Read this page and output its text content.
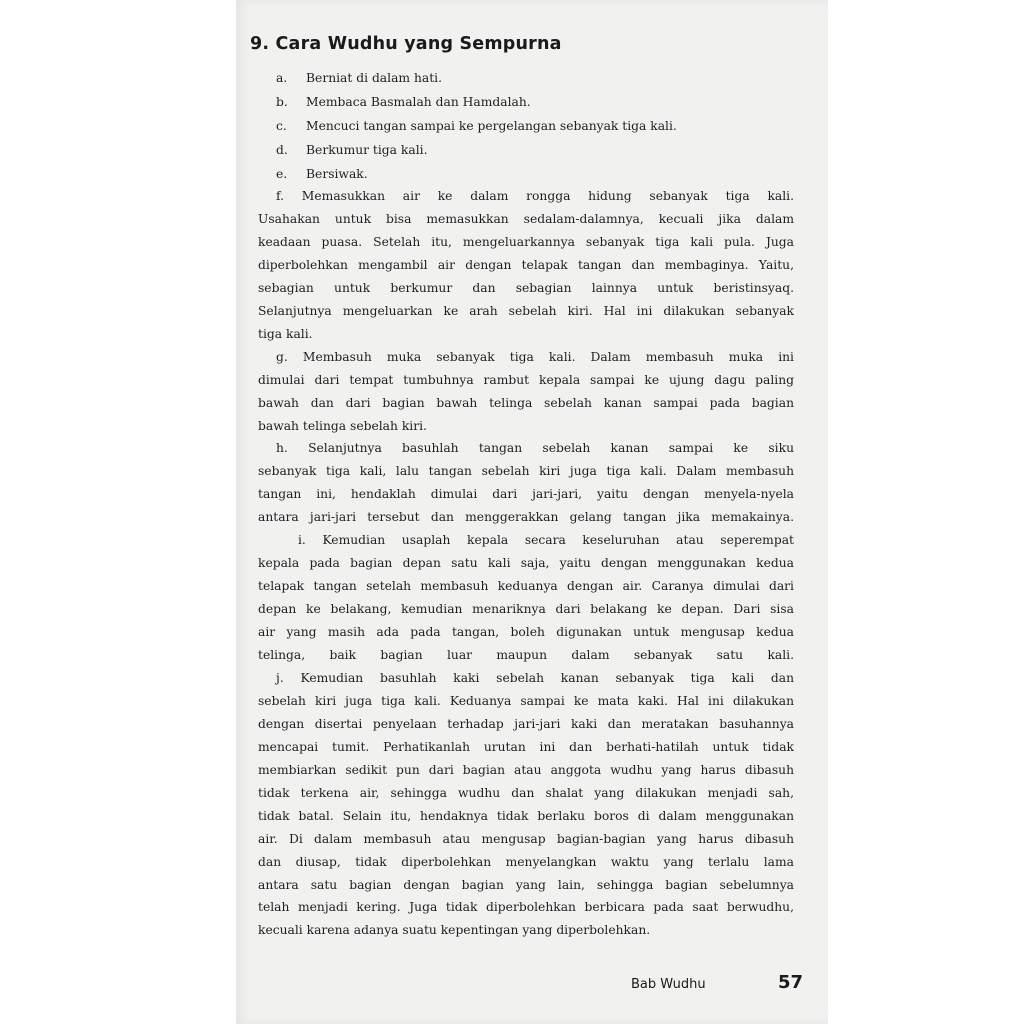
9. Cara Wudhu yang Sempurna

a. Berniat di dalam hati.

b. Membaca Basmalah dan Hamdalah.

c. Mencuci tangan sampai ke pergelangan sebanyak tiga kali.

d. Berkumur tiga kali.

e. Bersiwak.

f. Memasukkan air ke dalam rongga hidung sebanyak tiga kali.

Usahakan untuk bisa memasukkan sedalam-dalamnya, kecuali jika dalam

keadaan puasa. Setelah itu, mengeluarkannya sebanyak tiga kali pula. Juga

diperbolehkan mengambil air dengan telapak tangan dan membaginya. Yaitu,

sebagian untuk berkumur dan sebagian lainnya untuk beristinsyaq.

Selanjutnya mengeluarkan ke arah sebelah kiri. Hal ini dilakukan sebanyak

tiga kali.

g. Membasuh muka sebanyak tiga kali. Dalam membasuh muka ini

dimulai dari tempat tumbuhnya rambut kepala sampai ke ujung dagu paling

bawah dan dari bagian bawah telinga sebelah kanan sampai pada bagian

bawah telinga sebelah kiri.

h. Selanjutnya basuhlah tangan sebelah kanan sampai ke siku

sebanyak tiga kali, lalu tangan sebelah kiri juga tiga kali. Dalam membasuh

tangan ini, hendaklah dimulai dari jari-jari, yaitu dengan menyela-nyela

antara jari-jari tersebut dan menggerakkan gelang tangan jika memakainya.

i. Kemudian usaplah kepala secara keseluruhan atau seperempat

kepala pada bagian depan satu kali saja, yaitu dengan menggunakan kedua

telapak tangan setelah membasuh keduanya dengan air. Caranya dimulai dari

depan ke belakang, kemudian menariknya dari belakang ke depan. Dari sisa

air yang masih ada pada tangan, boleh digunakan untuk mengusap kedua

telinga, baik bagian luar maupun dalam sebanyak satu kali.

j. Kemudian basuhlah kaki sebelah kanan sebanyak tiga kali dan

sebelah kiri juga tiga kali. Keduanya sampai ke mata kaki. Hal ini dilakukan

dengan disertai penyelaan terhadap jari-jari kaki dan meratakan basuhannya

mencapai tumit. Perhatikanlah urutan ini dan berhati-hatilah untuk tidak

membiarkan sedikit pun dari bagian atau anggota wudhu yang harus dibasuh

tidak terkena air, sehingga wudhu dan shalat yang dilakukan menjadi sah,

tidak batal. Selain itu, hendaknya tidak berlaku boros di dalam menggunakan

air. Di dalam membasuh atau mengusap bagian-bagian yang harus dibasuh

dan diusap, tidak diperbolehkan menyelangkan waktu yang terlalu lama

antara satu bagian dengan bagian yang lain, sehingga bagian sebelumnya

telah menjadi kering. Juga tidak diperbolehkan berbicara pada saat berwudhu,

kecuali karena adanya suatu kepentingan yang diperbolehkan.

Bab Wudhu	57
